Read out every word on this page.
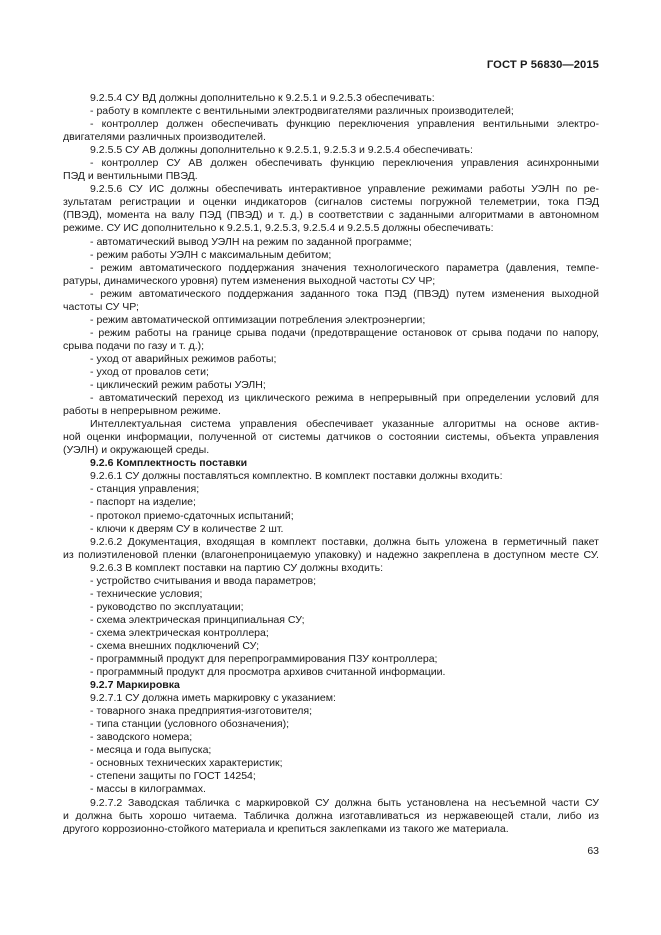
ГОСТ Р 56830—2015
9.2.5.4 СУ ВД должны дополнительно к 9.2.5.1 и 9.2.5.3 обеспечивать:
- работу в комплекте с вентильными электродвигателями различных производителей;
- контроллер должен обеспечивать функцию переключения управления вентильными электро-
двигателями различных производителей.
9.2.5.5 СУ АВ должны дополнительно к 9.2.5.1, 9.2.5.3 и 9.2.5.4 обеспечивать:
- контроллер СУ АВ должен обеспечивать функцию переключения управления асинхронными
ПЭД и вентильными ПВЭД.
9.2.5.6 СУ ИС должны обеспечивать интерактивное управление режимами работы УЭЛН по ре-
зультатам регистрации и оценки индикаторов (сигналов системы погружной телеметрии, тока ПЭД
(ПВЭД), момента на валу ПЭД (ПВЭД) и т. д.) в соответствии с заданными алгоритмами в автономном
режиме. СУ ИС дополнительно к 9.2.5.1, 9.2.5.3, 9.2.5.4 и 9.2.5.5 должны обеспечивать:
- автоматический вывод УЭЛН на режим по заданной программе;
- режим работы УЭЛН с максимальным дебитом;
- режим автоматического поддержания значения технологического параметра (давления, темпе-
ратуры, динамического уровня) путем изменения выходной частоты СУ ЧР;
- режим автоматического поддержания заданного тока ПЭД (ПВЭД) путем изменения выходной
частоты СУ ЧР;
- режим автоматической оптимизации потребления электроэнергии;
- режим работы на границе срыва подачи (предотвращение остановок от срыва подачи по напору,
срыва подачи по газу и т. д.);
- уход от аварийных режимов работы;
- уход от провалов сети;
- циклический режим работы УЭЛН;
- автоматический переход из циклического режима в непрерывный при определении условий для
работы в непрерывном режиме.
Интеллектуальная система управления обеспечивает указанные алгоритмы на основе актив-
ной оценки информации, полученной от системы датчиков о состоянии системы, объекта управления
(УЭЛН) и окружающей среды.
9.2.6 Комплектность поставки
9.2.6.1 СУ должны поставляться комплектно. В комплект поставки должны входить:
- станция управления;
- паспорт на изделие;
- протокол приемо-сдаточных испытаний;
- ключи к дверям СУ в количестве 2 шт.
9.2.6.2 Документация, входящая в комплект поставки, должна быть уложена в герметичный пакет
из полиэтиленовой пленки (влагонепроницаемую упаковку) и надежно закреплена в доступном месте СУ.
9.2.6.3 В комплект поставки на партию СУ должны входить:
- устройство считывания и ввода параметров;
- технические условия;
- руководство по эксплуатации;
- схема электрическая принципиальная СУ;
- схема электрическая контроллера;
- схема внешних подключений СУ;
- программный продукт для перепрограммирования ПЗУ контроллера;
- программный продукт для просмотра архивов считанной информации.
9.2.7 Маркировка
9.2.7.1 СУ должна иметь маркировку с указанием:
- товарного знака предприятия-изготовителя;
- типа станции (условного обозначения);
- заводского номера;
- месяца и года выпуска;
- основных технических характеристик;
- степени защиты по ГОСТ 14254;
- массы в килограммах.
9.2.7.2 Заводская табличка с маркировкой СУ должна быть установлена на несъемной части СУ
и должна быть хорошо читаема. Табличка должна изготавливаться из нержавеющей стали, либо из
другого коррозионно-стойкого материала и крепиться заклепками из такого же материала.
63
